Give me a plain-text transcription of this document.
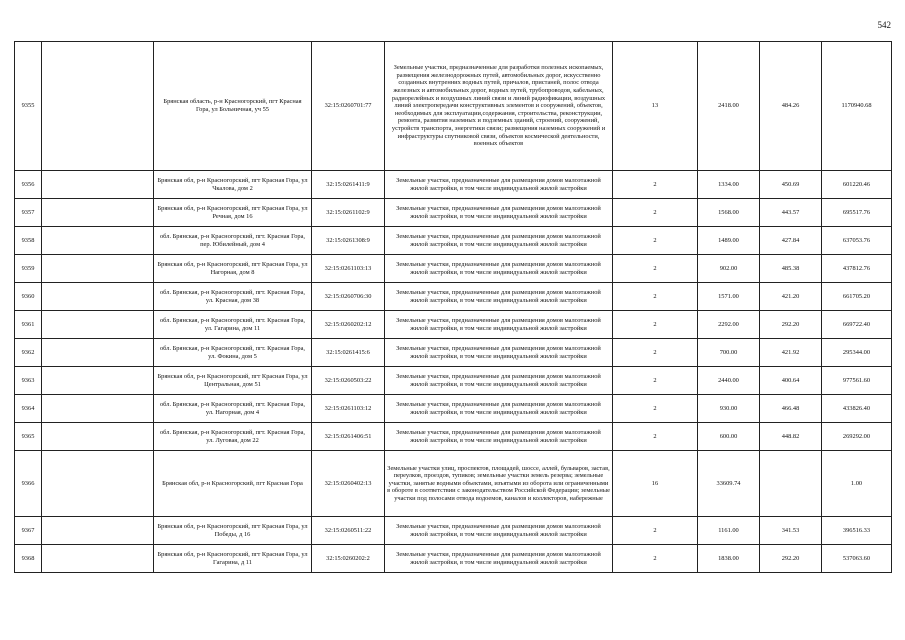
542
9355		Брянская область, р-н Красногорский, пгт Красная Гора, ул Больничная, уч 55	32:15:0260701:77	Земельные участки, предназначенные для разработки полезных ископаемых, размещения железнодорожных путей, автомобильных дорог, искусственно созданных внутренних водных путей, причалов, пристаней, полос отвода железных и автомобильных дорог, водных путей, трубопроводов, кабельных, радиорелейных и воздушных линий связи и линий радиофикации, воздушных линий электропередачи конструктивных элементов и сооружений, объектов, необходимых для эксплуатации,содержания, строительства, реконструкции, ремонта, развития наземных и подземных зданий, строений, сооружений, устройств транспорта, энергетики связи; размещения наземных сооружений и инфраструктуры спутниковой связи, объектов космической деятельности, военных объектов	13	2418.00	484.26	1170940.68
9356		Брянская обл, р-н Красногорский, пгт Красная Гора, ул Чкалова, дом 2	32:15:0261411:9	Земельные участки, предназначенные для размещения домов малоэтажной жилой застройки, в том числе индивидуальной жилой застройки	2	1334.00	450.69	601220.46
9357		Брянская обл, р-н Красногорский, пгт Красная Гора, ул Речная, дом 16	32:15:0261102:9	Земельные участки, предназначенные для размещения домов малоэтажной жилой застройки, в том числе индивидуальной жилой застройки	2	1568.00	443.57	695517.76
9358		обл. Брянская, р-н Красногорский, пгт. Красная Гора, пер. Юбилейный, дом 4	32:15:0261308:9	Земельные участки, предназначенные для размещения домов малоэтажной жилой застройки, в том числе индивидуальной жилой застройки	2	1489.00	427.84	637053.76
9359		Брянская обл, р-н Красногорский, пгт Красная Гора, ул Нагорная, дом 8	32:15:0261103:13	Земельные участки, предназначенные для размещения домов малоэтажной жилой застройки, в том числе индивидуальной жилой застройки	2	902.00	485.38	437812.76
9360		обл. Брянская, р-н Красногорский, пгт. Красная Гора, ул. Красная, дом 38	32:15:0260706:30	Земельные участки, предназначенные для размещения домов малоэтажной жилой застройки, в том числе индивидуальной жилой застройки	2	1571.00	421.20	661705.20
9361		обл. Брянская, р-н Красногорский, пгт. Красная Гора, ул. Гагарина, дом 11	32:15:0260202:12	Земельные участки, предназначенные для размещения домов малоэтажной жилой застройки, в том числе индивидуальной жилой застройки	2	2292.00	292.20	669722.40
9362		обл. Брянская, р-н Красногорский, пгт. Красная Гора, ул. Фокина, дом 5	32:15:0261415:6	Земельные участки, предназначенные для размещения домов малоэтажной жилой застройки, в том числе индивидуальной жилой застройки	2	700.00	421.92	295344.00
9363		Брянская обл, р-н Красногорский, пгт Красная Гора, ул Центральная, дом 51	32:15:0260503:22	Земельные участки, предназначенные для размещения домов малоэтажной жилой застройки, в том числе индивидуальной жилой застройки	2	2440.00	400.64	977561.60
9364		обл. Брянская, р-н Красногорский, пгт. Красная Гора, ул. Нагорная, дом 4	32:15:0261103:12	Земельные участки, предназначенные для размещения домов малоэтажной жилой застройки, в том числе индивидуальной жилой застройки	2	930.00	466.48	433826.40
9365		обл. Брянская, р-н Красногорский, пгт. Красная Гора, ул. Луговая, дом 22	32:15:0261406:51	Земельные участки, предназначенные для размещения домов малоэтажной жилой застройки, в том числе индивидуальной жилой застройки	2	600.00	448.82	269292.00
9366		Брянская обл, р-н Красногорский, пгт Красная Гора	32:15:0260402:13	Земельные участки улиц, проспектов, площадей, шоссе, аллей, бульваров, застав, переулков, проездов, тупиков; земельные участки земель резерва; земельные участки, занятые водными объектами, изъятыми из оборота или ограниченными в обороте в соответствии с законодательством Российской Федерации; земельные участки под полосами отвода водоемов, каналов и коллекторов, набережные	16	33609.74		1.00
9367		Брянская обл, р-н Красногорский, пгт Красная Гора, ул Победы, д 16	32:15:0260511:22	Земельные участки, предназначенные для размещения домов малоэтажной жилой застройки, в том числе индивидуальной жилой застройки	2	1161.00	341.53	396516.33
9368		Брянская обл, р-н Красногорский, пгт Красная Гора, ул Гагарина, д 11	32:15:0260202:2	Земельные участки, предназначенные для размещения домов малоэтажной жилой застройки, в том числе индивидуальной жилой застройки	2	1838.00	292.20	537063.60
